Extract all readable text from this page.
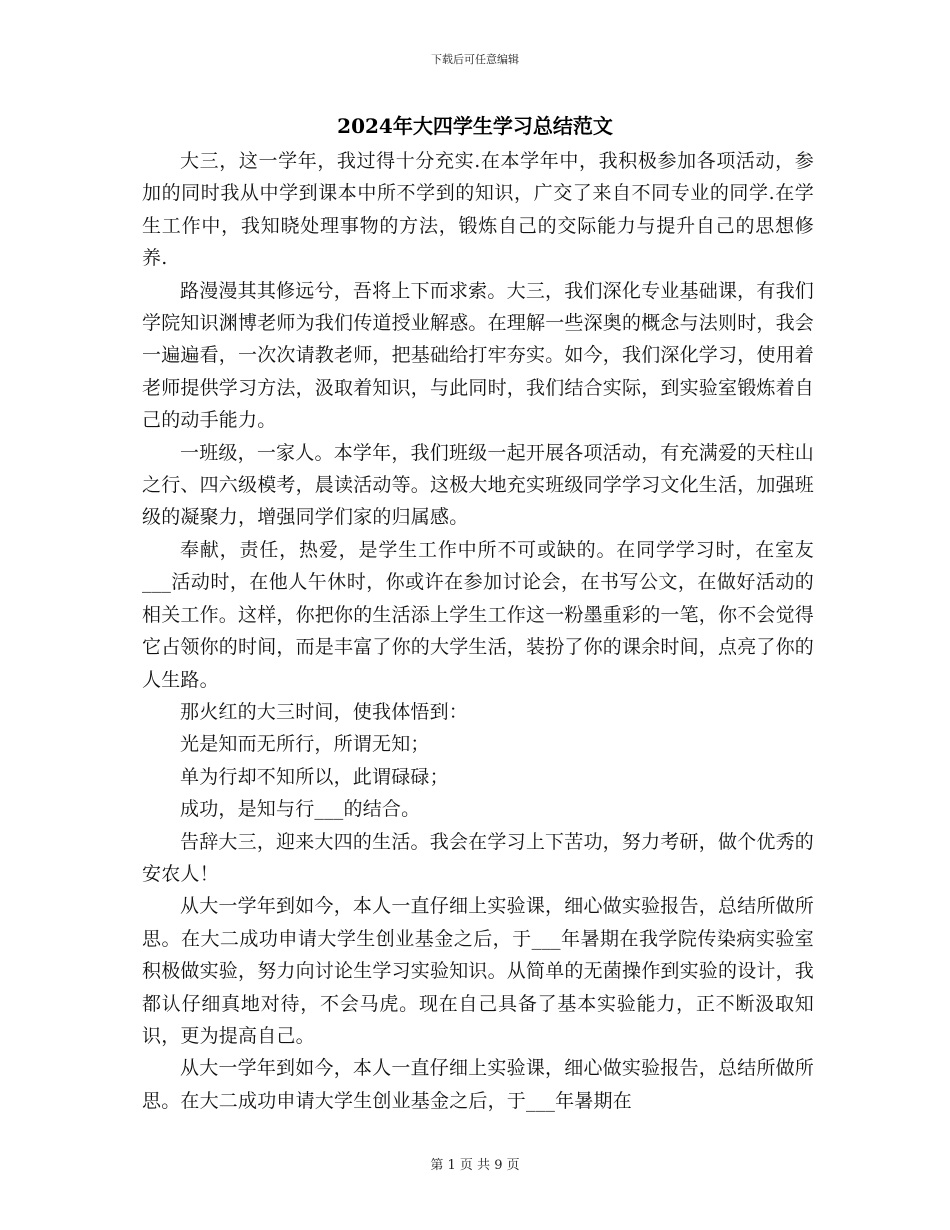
下载后可任意编辑
2024年大四学生学习总结范文

大三，这一学年，我过得十分充实.在本学年中，我积极参加各项活动，参加的同时我从中学到课本中所不学到的知识，广交了来自不同专业的同学.在学生工作中，我知晓处理事物的方法，锻炼自己的交际能力与提升自己的思想修养.

路漫漫其其修远兮，吾将上下而求索。大三，我们深化专业基础课，有我们学院知识渊博老师为我们传道授业解惑。在理解一些深奥的概念与法则时，我会一遍遍看，一次次请教老师，把基础给打牢夯实。如今，我们深化学习，使用着老师提供学习方法，汲取着知识，与此同时，我们结合实际，到实验室锻炼着自己的动手能力。

一班级，一家人。本学年，我们班级一起开展各项活动，有充满爱的天柱山之行、四六级模考，晨读活动等。这极大地充实班级同学学习文化生活，加强班级的凝聚力，增强同学们家的归属感。

奉献，责任，热爱，是学生工作中所不可或缺的。在同学学习时，在室友___活动时，在他人午休时，你或许在参加讨论会，在书写公文，在做好活动的相关工作。这样，你把你的生活添上学生工作这一粉墨重彩的一笔，你不会觉得它占领你的时间，而是丰富了你的大学生活，装扮了你的课余时间，点亮了你的人生路。

那火红的大三时间，使我体悟到：

光是知而无所行，所谓无知；

单为行却不知所以，此谓碌碌；

成功，是知与行___的结合。

告辞大三，迎来大四的生活。我会在学习上下苦功，努力考研，做个优秀的安农人！

从大一学年到如今，本人一直仔细上实验课，细心做实验报告，总结所做所思。在大二成功申请大学生创业基金之后，于___年暑期在我学院传染病实验室积极做实验，努力向讨论生学习实验知识。从简单的无菌操作到实验的设计，我都认仔细真地对待，不会马虎。现在自己具备了基本实验能力，正不断汲取知识，更为提高自己。

从大一学年到如今，本人一直仔细上实验课，细心做实验报告，总结所做所思。在大二成功申请大学生创业基金之后，于___年暑期在

第 1 页 共 9 页
